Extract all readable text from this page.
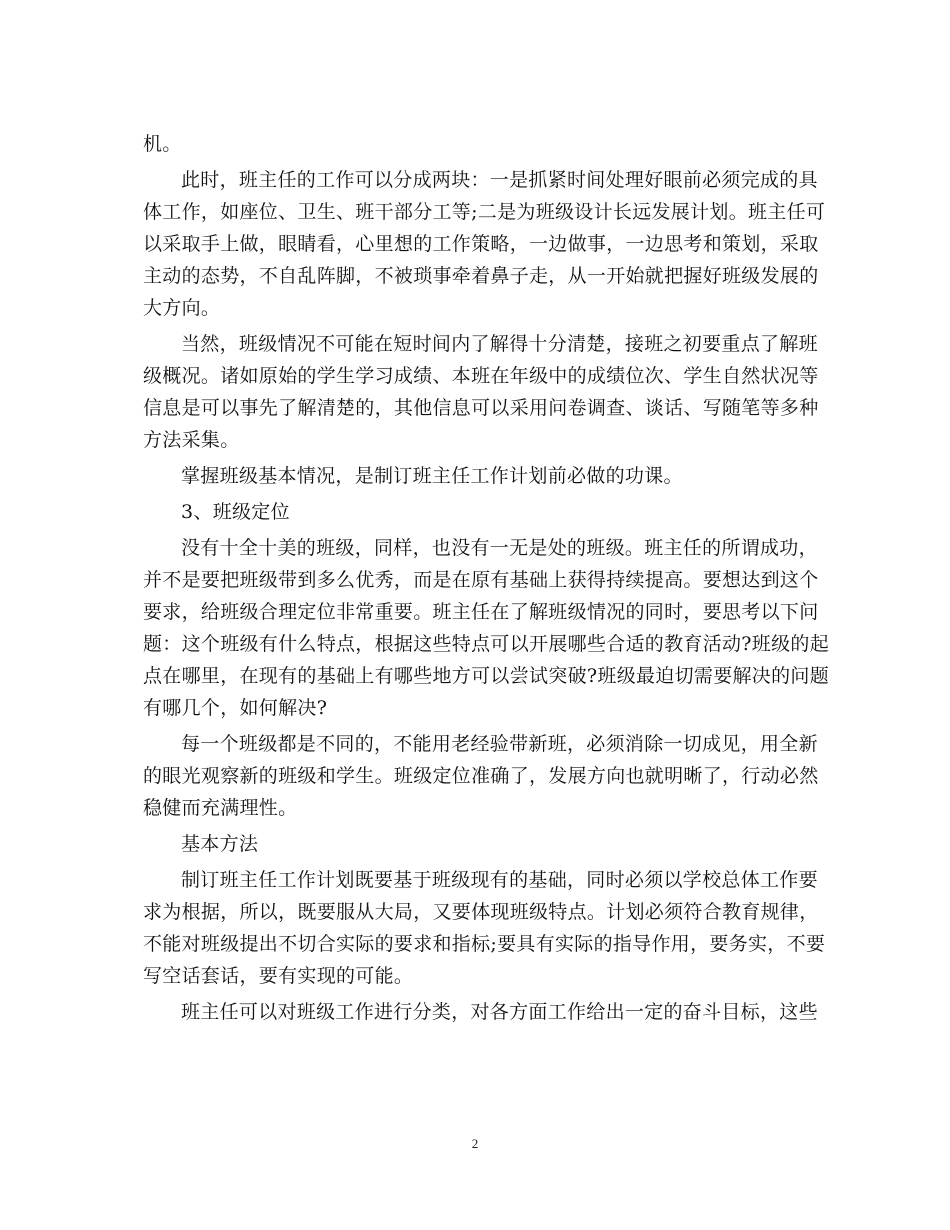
机。

此时，班主任的工作可以分成两块：一是抓紧时间处理好眼前必须完成的具

体工作，如座位、卫生、班干部分工等;二是为班级设计长远发展计划。班主任可

以采取手上做，眼睛看，心里想的工作策略，一边做事，一边思考和策划，采取

主动的态势，不自乱阵脚，不被琐事牵着鼻子走，从一开始就把握好班级发展的

大方向。

当然，班级情况不可能在短时间内了解得十分清楚，接班之初要重点了解班

级概况。诸如原始的学生学习成绩、本班在年级中的成绩位次、学生自然状况等

信息是可以事先了解清楚的，其他信息可以采用问卷调查、谈话、写随笔等多种

方法采集。

掌握班级基本情况，是制订班主任工作计划前必做的功课。

3、班级定位

没有十全十美的班级，同样，也没有一无是处的班级。班主任的所谓成功，

并不是要把班级带到多么优秀，而是在原有基础上获得持续提高。要想达到这个

要求，给班级合理定位非常重要。班主任在了解班级情况的同时，要思考以下问

题：这个班级有什么特点，根据这些特点可以开展哪些合适的教育活动?班级的起

点在哪里，在现有的基础上有哪些地方可以尝试突破?班级最迫切需要解决的问题

有哪几个，如何解决?

每一个班级都是不同的，不能用老经验带新班，必须消除一切成见，用全新

的眼光观察新的班级和学生。班级定位准确了，发展方向也就明晰了，行动必然

稳健而充满理性。

基本方法

制订班主任工作计划既要基于班级现有的基础，同时必须以学校总体工作要

求为根据，所以，既要服从大局，又要体现班级特点。计划必须符合教育规律，

不能对班级提出不切合实际的要求和指标;要具有实际的指导作用，要务实，不要

写空话套话，要有实现的可能。

班主任可以对班级工作进行分类，对各方面工作给出一定的奋斗目标，这些

2
